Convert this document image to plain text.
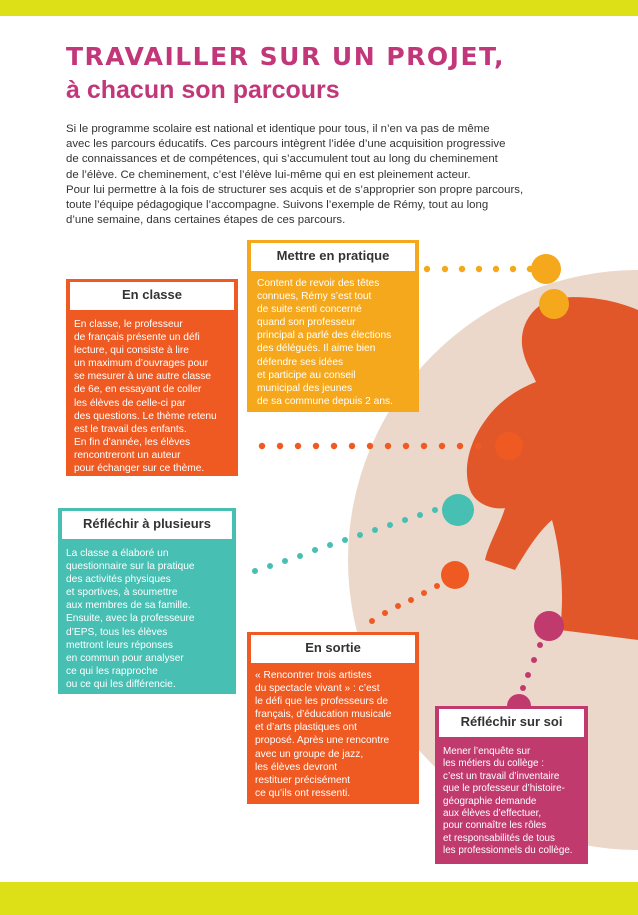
TRAVAILLER SUR UN PROJET,
à chacun son parcours

Si le programme scolaire est national et identique pour tous, il n’en va pas de même

avec les parcours éducatifs. Ces parcours intègrent l’idée d’une acquisition progressive

de connaissances et de compétences, qui s’accumulent tout au long du cheminement

de l’élève. Ce cheminement, c’est l’élève lui-même qui en est pleinement acteur.

Pour lui permettre à la fois de structurer ses acquis et de s’approprier son propre parcours,

toute l’équipe pédagogique l’accompagne. Suivons l’exemple de Rémy, tout au long

d’une semaine, dans certaines étapes de ces parcours.

Mettre en pratique
Content de revoir des têtes
connues, Rémy s’est tout
de suite senti concerné
quand son professeur
principal a parlé des élections
des délégués. Il aime bien
défendre ses idées
et participe au conseil
municipal des jeunes
de sa commune depuis 2 ans.
En classe
En classe, le professeur
de français présente un défi
lecture, qui consiste à lire
un maximum d’ouvrages pour
se mesurer à une autre classe
de 6e, en essayant de coller
les élèves de celle-ci par
des questions. Le thème retenu
est le travail des enfants.
En fin d’année, les élèves
rencontreront un auteur
pour échanger sur ce thème.
Réfléchir à plusieurs
La classe a élaboré un
questionnaire sur la pratique
des activités physiques
et sportives, à soumettre
aux membres de sa famille.
Ensuite, avec la professeure
d’EPS, tous les élèves
mettront leurs réponses
en commun pour analyser
ce qui les rapproche
ou ce qui les différencie.
En sortie
« Rencontrer trois artistes
du spectacle vivant » : c’est
le défi que les professeurs de
français, d’éducation musicale
et d’arts plastiques ont
proposé. Après une rencontre
avec un groupe de jazz,
les élèves devront
restituer précisément
ce qu’ils ont ressenti.
Réfléchir sur soi
Mener l’enquête sur
les métiers du collège :
c’est un travail d’inventaire
que le professeur d’histoire-
géographie demande
aux élèves d’effectuer,
pour connaître les rôles
et responsabilités de tous
les professionnels du collège.
